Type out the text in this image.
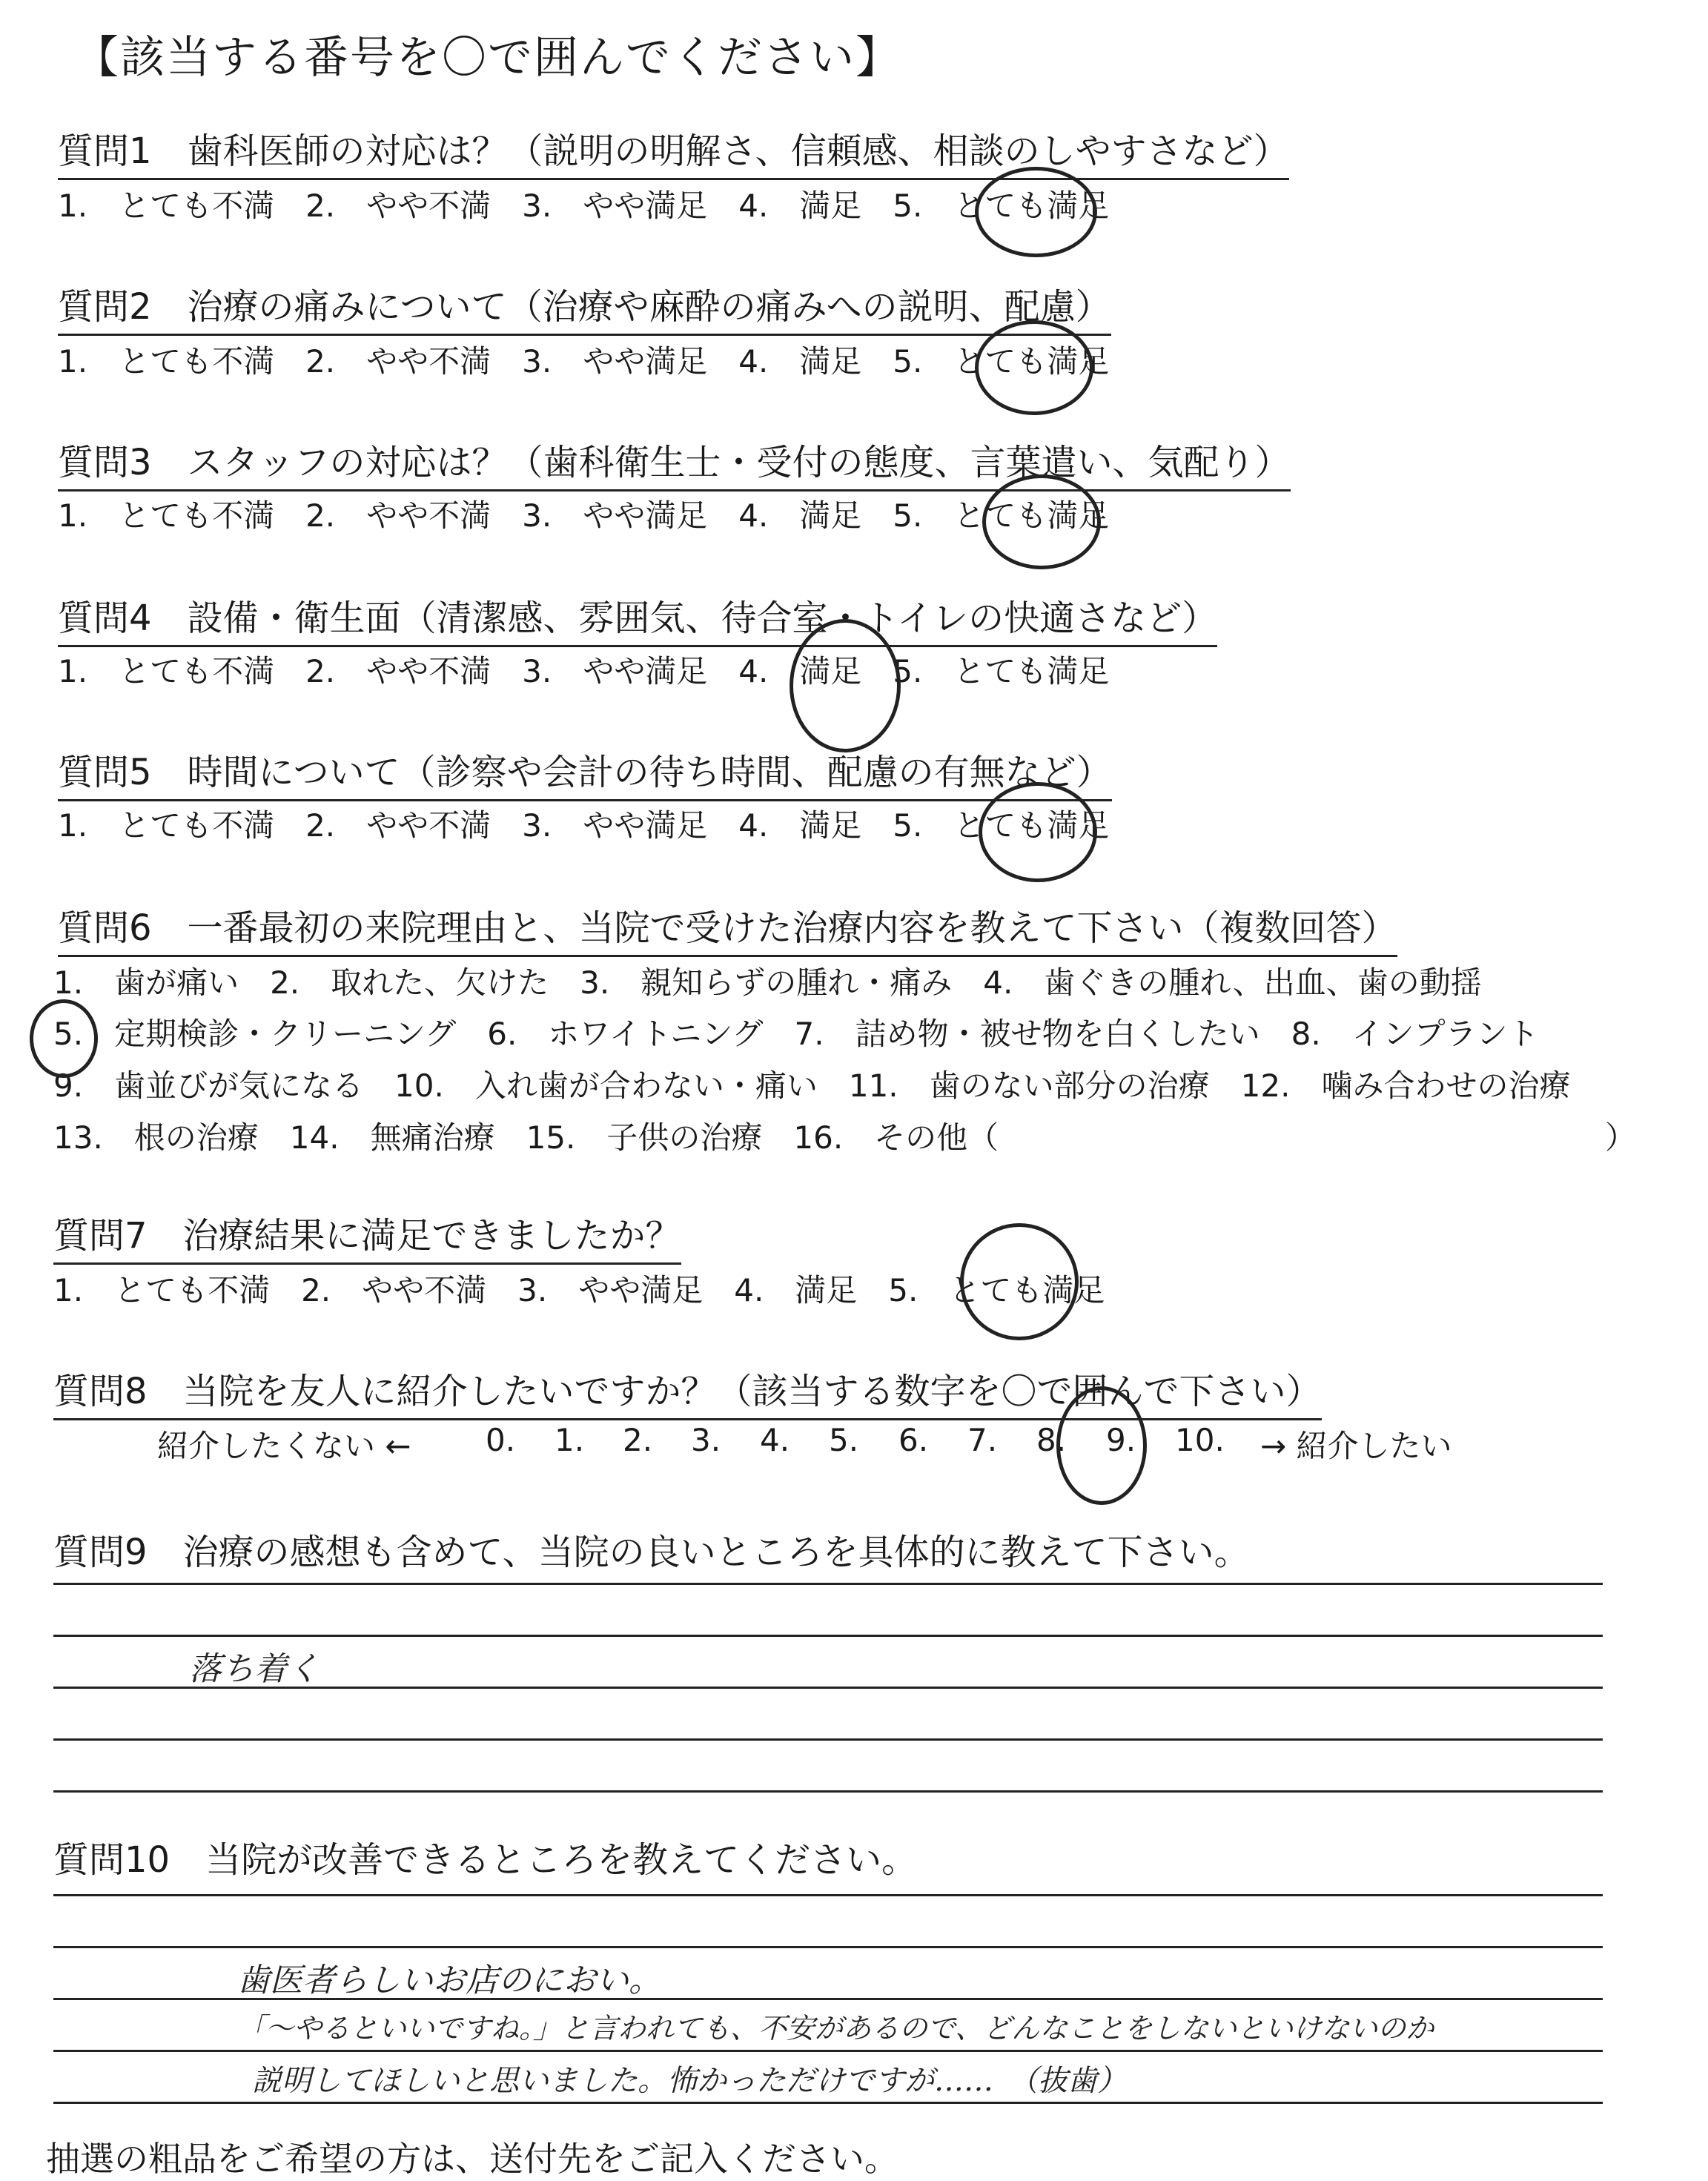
【該当する番号を〇で囲んでください】
質問1　歯科医師の対応は？（説明の明解さ、信頼感、相談のしやすさなど）
1.　とても不満　2.　やや不満　3.　やや満足　4.　満足　5.　とても満足
質問2　治療の痛みについて（治療や麻酔の痛みへの説明、配慮）
1.　とても不満　2.　やや不満　3.　やや満足　4.　満足　5.　とても満足
質問3　スタッフの対応は？（歯科衛生士・受付の態度、言葉遣い、気配り）
1.　とても不満　2.　やや不満　3.　やや満足　4.　満足　5.　とても満足
質問4　設備・衛生面（清潔感、雰囲気、待合室・トイレの快適さなど）
1.　とても不満　2.　やや不満　3.　やや満足　4.　満足　5.　とても満足
質問5　時間について（診察や会計の待ち時間、配慮の有無など）
1.　とても不満　2.　やや不満　3.　やや満足　4.　満足　5.　とても満足
質問6　一番最初の来院理由と、当院で受けた治療内容を教えて下さい（複数回答）
1.　歯が痛い　2.　取れた、欠けた　3.　親知らずの腫れ・痛み　4.　歯ぐきの腫れ、出血、歯の動揺
5.　定期検診・クリーニング　6.　ホワイトニング　7.　詰め物・被せ物を白くしたい　8.　インプラント
9.　歯並びが気になる　10.　入れ歯が合わない・痛い　11.　歯のない部分の治療　12.　噛み合わせの治療
13.　根の治療　14.　無痛治療　15.　子供の治療　16.　その他（	）
質問7　治療結果に満足できましたか？
1.　とても不満　2.　やや不満　3.　やや満足　4.　満足　5.　とても満足
質問8　当院を友人に紹介したいですか？（該当する数字を〇で囲んで下さい）
紹介したくない ← 0. 1. 2. 3. 4. 5. 6. 7. 8. 9. 10. → 紹介したい
質問9　治療の感想も含めて、当院の良いところを具体的に教えて下さい。
落ち着く
質問10　当院が改善できるところを教えてください。
歯医者らしいお店のにおい。
「～やるといいですね。」と言われても、不安があるので、どんなことをしないといけないのか
説明してほしいと思いました。怖かっただけですが……　（抜歯）
抽選の粗品をご希望の方は、送付先をご記入ください。
